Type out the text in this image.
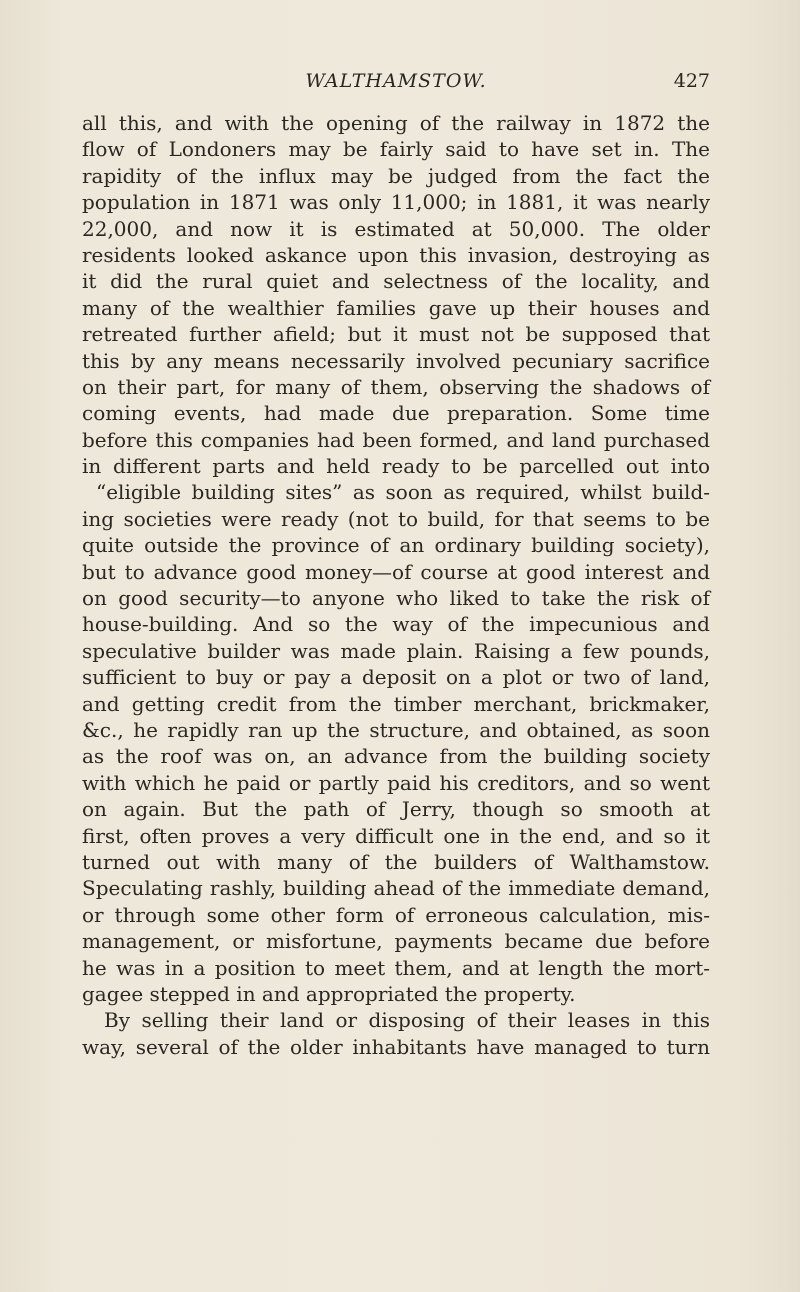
WALTHAMSTOW.	427
all this, and with the opening of the railway in 1872 the
flow of Londoners may be fairly said to have set in. The
rapidity of the influx may be judged from the fact the
population in 1871 was only 11,000; in 1881, it was nearly
22,000, and now it is estimated at 50,000. The older
residents looked askance upon this invasion, destroying as
it did the rural quiet and selectness of the locality, and
many of the wealthier families gave up their houses and
retreated further afield; but it must not be supposed that
this by any means necessarily involved pecuniary sacrifice
on their part, for many of them, observing the shadows of
coming events, had made due preparation. Some time
before this companies had been formed, and land purchased
in different parts and held ready to be parcelled out into
“eligible building sites” as soon as required, whilst build-
ing societies were ready (not to build, for that seems to be
quite outside the province of an ordinary building society),
but to advance good money—of course at good interest and
on good security—to anyone who liked to take the risk of
house-building. And so the way of the impecunious and
speculative builder was made plain. Raising a few pounds,
sufficient to buy or pay a deposit on a plot or two of land,
and getting credit from the timber merchant, brickmaker,
&c., he rapidly ran up the structure, and obtained, as soon
as the roof was on, an advance from the building society
with which he paid or partly paid his creditors, and so went
on again. But the path of Jerry, though so smooth at
first, often proves a very difficult one in the end, and so it
turned out with many of the builders of Walthamstow.
Speculating rashly, building ahead of the immediate demand,
or through some other form of erroneous calculation, mis-
management, or misfortune, payments became due before
he was in a position to meet them, and at length the mort-
gagee stepped in and appropriated the property.
By selling their land or disposing of their leases in this
way, several of the older inhabitants have managed to turn
